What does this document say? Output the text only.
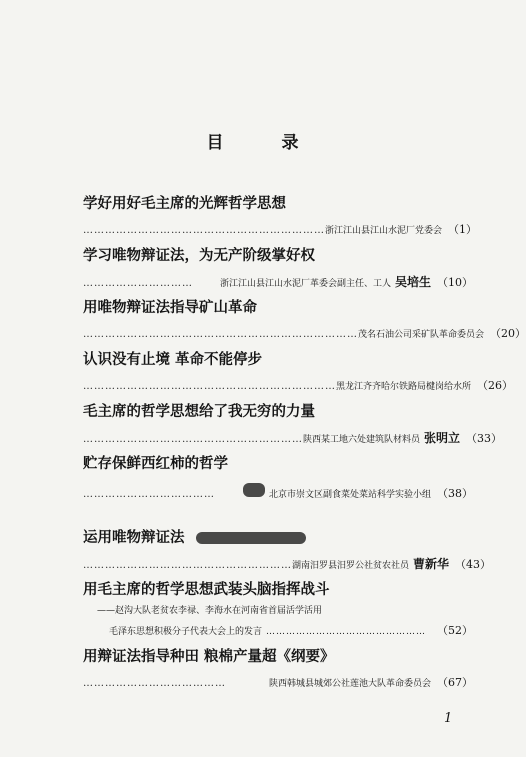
目录
学好用好毛主席的光辉哲学思想
………………………………………………………… 浙江江山县江山水泥厂党委会 （1）
学习唯物辩证法，为无产阶级掌好权
…………………………	浙江江山县江山水泥厂革委会副主任、工人 吴培生 （10）
用唯物辩证法指导矿山革命
………………………………………………………………… 茂名石油公司采矿队革命委员会 （20）
认识没有止境 革命不能停步
…………………………………………………………… 黑龙江齐齐哈尔铁路局楗岗给水所 （26）
毛主席的哲学思想给了我无穷的力量
…………………………………………………… 陕西某工地六处建筑队材料员 张明立 （33）
贮存保鲜西红柿的哲学
………………………………	北京市崇文区副食菜处菜站科学实验小组 （38）
运用唯物辩证法
………………………………………………… 湖南汨罗县汨罗公社贫农社员 曹新华 （43）
用毛主席的哲学思想武装头脑指挥战斗
——赵沟大队老贫农李禄、李海水在河南省首届活学活用
毛泽东思想积极分子代表大会上的发言 ………………………………………… （52）
用辩证法指导种田 粮棉产量超《纲要》
…………………………………	陕西韩城县城郊公社莲池大队革命委员会 （67）
1
